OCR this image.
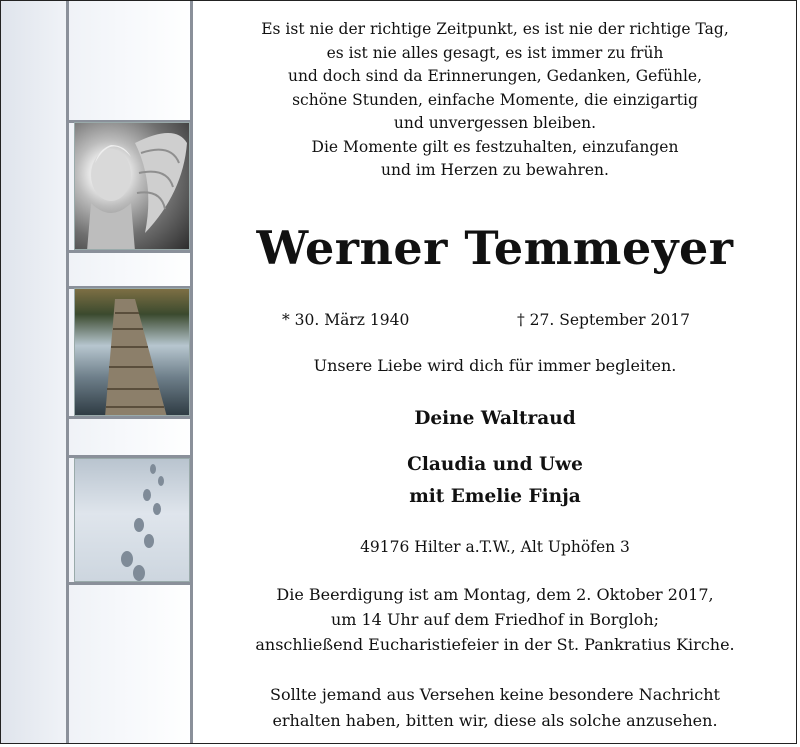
Es ist nie der richtige Zeitpunkt, es ist nie der richtige Tag,
es ist nie alles gesagt, es ist immer zu früh
und doch sind da Erinnerungen, Gedanken, Gefühle,
schöne Stunden, einfache Momente, die einzigartig
und unvergessen bleiben.
Die Momente gilt es festzuhalten, einzufangen
und im Herzen zu bewahren.
Werner Temmeyer
* 30. März 1940	† 27. September 2017
Unsere Liebe wird dich für immer begleiten.
Deine Waltraud
Claudia und Uwe
mit Emelie Finja
49176 Hilter a.T.W., Alt Uphöfen 3
Die Beerdigung ist am Montag, dem 2. Oktober 2017,
um 14 Uhr auf dem Friedhof in Borgloh;
anschließend Eucharistiefeier in der St. Pankratius Kirche.
Sollte jemand aus Versehen keine besondere Nachricht
erhalten haben, bitten wir, diese als solche anzusehen.
